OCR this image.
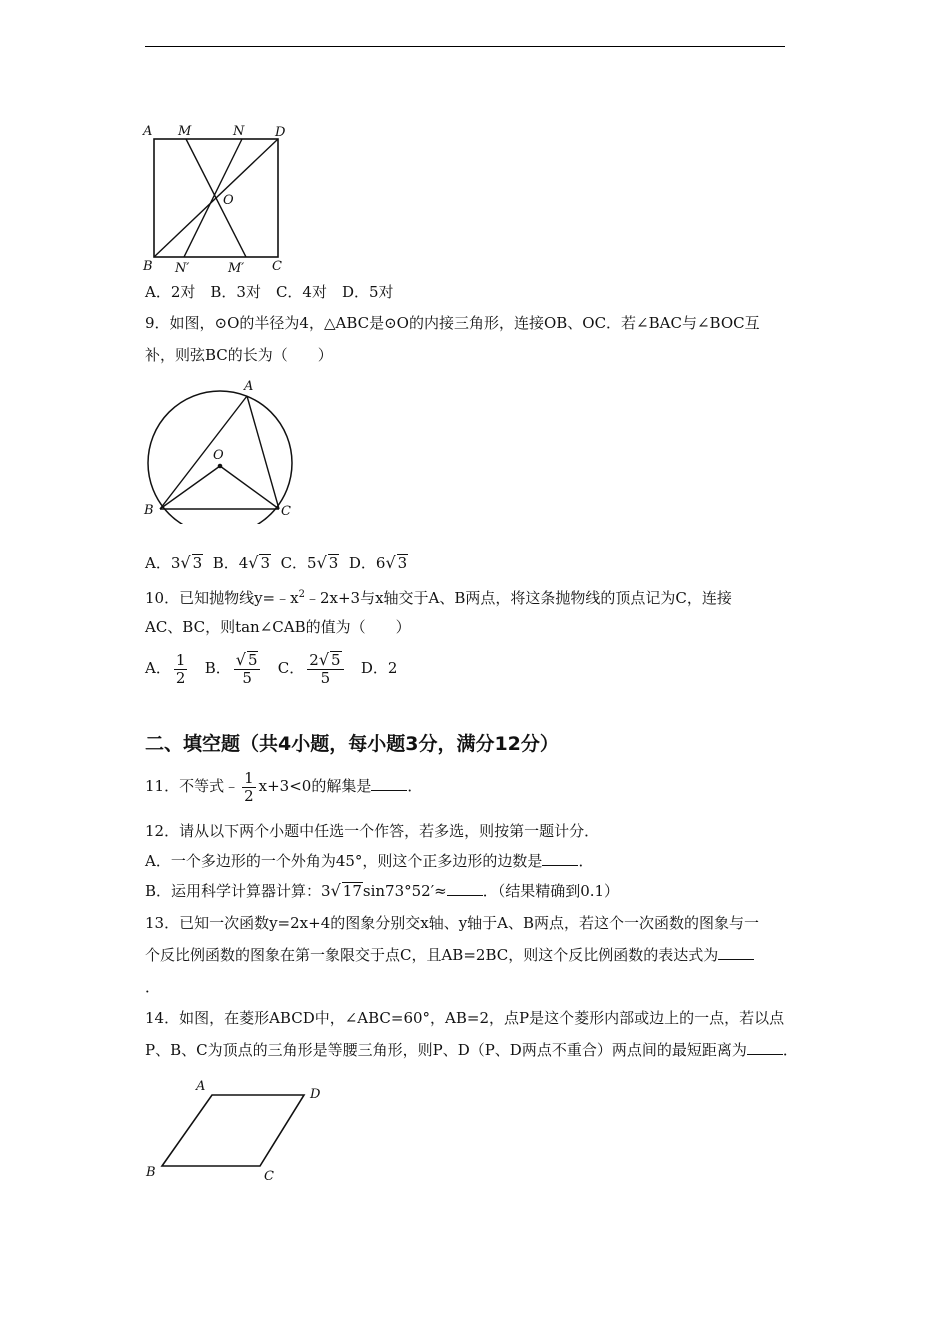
A M	N D
O
B N′	M′ C
A．2对　B．3对　C．4对　D．5对
9．如图，⊙O的半径为4，△ABC是⊙O的内接三角形，连接OB、OC．若∠BAC与∠BOC互
补，则弦BC的长为（　　）
A
O
B	C
A．3√ 3 B．4√ 3 C．5√ 3 D．6√ 3
10．已知抛物线$y=﹣x^2﹣2x+3$与x轴交于A、B两点，将这条抛物线的顶点记为C，连接
AC、BC，则tan∠CAB的值为（　　）
A． $\frac{1}{2}$ B． $\frac{√ 5}{5}$ C． $\frac{2√ 5}{5}$ D．2
二、填空题（共4小题，每小题3分，满分12分）
11．不等式﹣ $\frac{1}{2} x+3<0$的解集是 ．
12．请从以下两个小题中任选一个作答，若多选，则按第一题计分．
A．一个多边形的一个外角为45°，则这个正多边形的边数是 ．
B．运用科学计算器计算：3√ 17sin73°52′≈ ．（结果精确到0.1）
13．已知一次函数y=2x+4的图象分别交x轴、y轴于A、B两点，若这个一次函数的图象与一
个反比例函数的图象在第一象限交于点C，且AB=2BC，则这个反比例函数的表达式为
．
14．如图，在菱形ABCD中，∠ABC=60°，AB=2，点P是这个菱形内部或边上的一点，若以点
P、B、C为顶点的三角形是等腰三角形，则P、D（P、D两点不重合）两点间的最短距离为 ．
A
D
B	C
